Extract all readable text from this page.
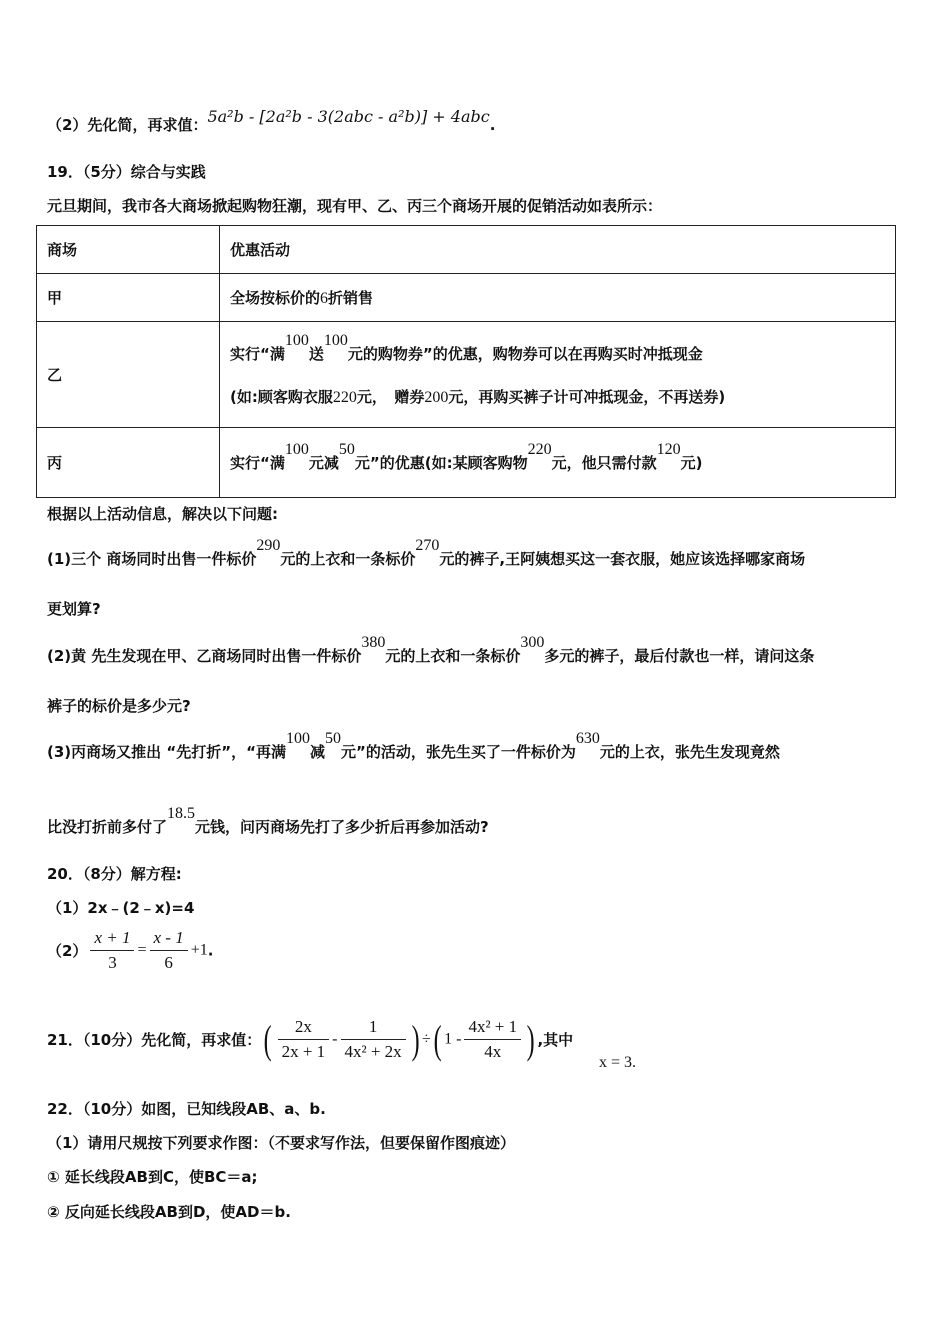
（2）先化简，再求值：5a²b - [2a²b - 3(2abc - a²b)] + 4abc.
19．（5分）综合与实践
元旦期间，我市各大商场掀起购物狂潮，现有甲、乙、丙三个商场开展的促销活动如表所示：
商场	优惠活动
甲	全场按标价的6折销售
乙	实行“满100送100元的购物券”的优惠，购物券可以在再购买时冲抵现金
(如:顾客购衣服220元，　赠券200元，再购买裤子计可冲抵现金，不再送券)

丙	实行“满100元减50元”的优惠(如:某顾客购物220元，他只需付款120元)
根据以上活动信息，解决以下问题:
(1)三个 商场同时出售一件标价290元的上衣和一条标价270元的裤子,王阿姨想买这一套衣服，她应该选择哪家商场
更划算?
(2)黄 先生发现在甲、乙商场同时出售一件标价380元的上衣和一条标价300多元的裤子，最后付款也一样，请问这条
裤子的标价是多少元?
(3)丙商场又推出 “先打折”，“再满100减50元”的活动，张先生买了一件标价为630元的上衣，张先生发现竟然
比没打折前多付了18.5元钱，问丙商场先打了多少折后再参加活动?
20．（8分）解方程:
（1）2x﹣(2﹣x)=4
$(2) \frac{x + 1}{3} = \frac{x - 1}{6} +1$.
21．（10分）先化简，再求值：( $\frac{2x}{2x + 1} - \frac{1}{\text{4x² + 2x}}$ ) ÷( $1 - \frac{\text{4x² + 1}}{4x}$ ) ,其中
x = 3.
22．（10分）如图，已知线段AB、a、b.
（1）请用尺规按下列要求作图：（不要求写作法，但要保留作图痕迹）
① 延长线段AB到C，使BC＝a;
② 反向延长线段AB到D，使AD＝b.
